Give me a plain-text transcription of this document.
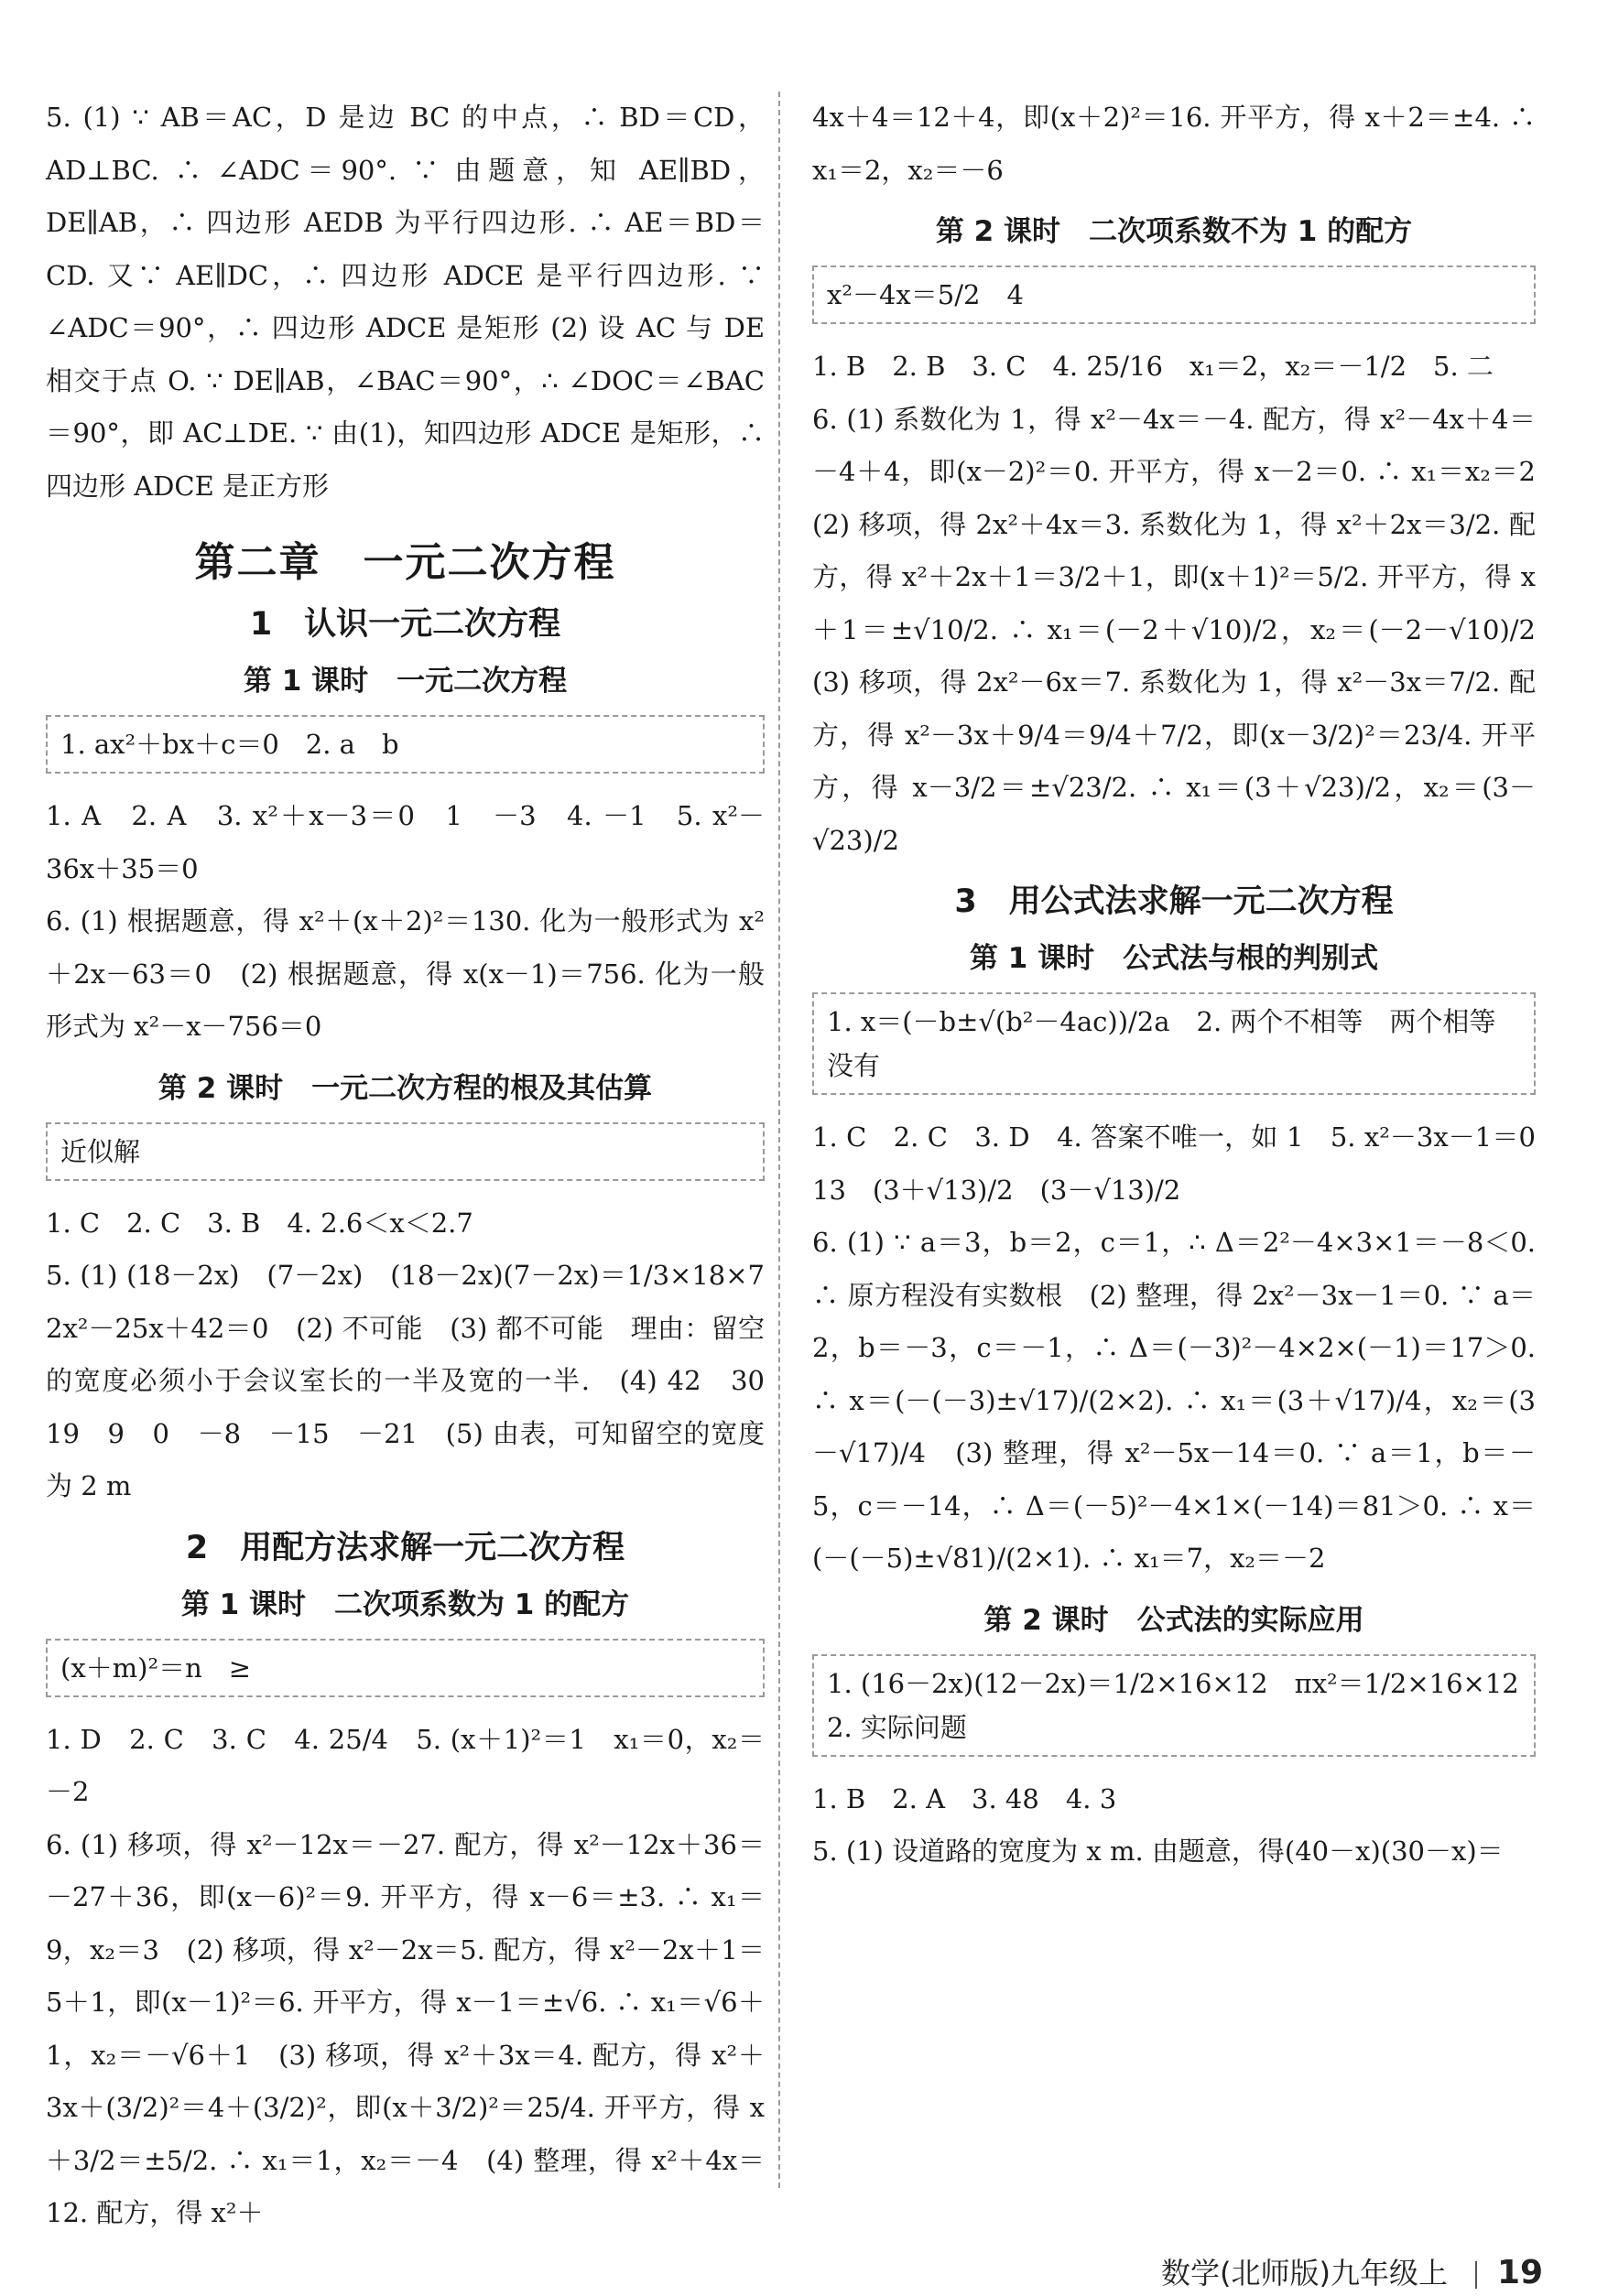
5. (1) ∵ AB＝AC，D 是边 BC 的中点，∴ BD＝CD，AD⊥BC. ∴ ∠ADC＝90°. ∵ 由题意，知 AE∥BD，DE∥AB，∴ 四边形 AEDB 为平行四边形. ∴ AE＝BD＝CD. 又∵ AE∥DC，∴ 四边形 ADCE 是平行四边形. ∵ ∠ADC＝90°，∴ 四边形 ADCE 是矩形 (2) 设 AC 与 DE 相交于点 O. ∵ DE∥AB，∠BAC＝90°，∴ ∠DOC＝∠BAC＝90°，即 AC⊥DE. ∵ 由(1)，知四边形 ADCE 是矩形，∴ 四边形 ADCE 是正方形

第二章　一元二次方程
1　认识一元二次方程
第 1 课时　一元二次方程
1. ax²＋bx＋c＝0　2. a　b

1. A　2. A　3. x²＋x－3＝0　1　－3　4. －1　5. x²－36x＋35＝0

6. (1) 根据题意，得 x²＋(x＋2)²＝130. 化为一般形式为 x²＋2x－63＝0　(2) 根据题意，得 x(x－1)＝756. 化为一般形式为 x²－x－756＝0

第 2 课时　一元二次方程的根及其估算
近似解

1. C　2. C　3. B　4. 2.6＜x＜2.7

5. (1) (18－2x)　(7－2x)　(18－2x)(7－2x)＝1/3×18×7　2x²－25x＋42＝0　(2) 不可能　(3) 都不可能　理由：留空的宽度必须小于会议室长的一半及宽的一半.　(4) 42　30　19　9　0　－8　－15　－21　(5) 由表，可知留空的宽度为 2 m

2　用配方法求解一元二次方程
第 1 课时　二次项系数为 1 的配方
(x＋m)²＝n　≥

1. D　2. C　3. C　4. 25/4　5. (x＋1)²＝1　x₁＝0，x₂＝－2

6. (1) 移项，得 x²－12x＝－27. 配方，得 x²－12x＋36＝－27＋36，即(x－6)²＝9. 开平方，得 x－6＝±3. ∴ x₁＝9，x₂＝3　(2) 移项，得 x²－2x＝5. 配方，得 x²－2x＋1＝5＋1，即(x－1)²＝6. 开平方，得 x－1＝±√6. ∴ x₁＝√6＋1，x₂＝－√6＋1　(3) 移项，得 x²＋3x＝4. 配方，得 x²＋3x＋(3/2)²＝4＋(3/2)²，即(x＋3/2)²＝25/4. 开平方，得 x＋3/2＝±5/2. ∴ x₁＝1，x₂＝－4　(4) 整理，得 x²＋4x＝12. 配方，得 x²＋

4x＋4＝12＋4，即(x＋2)²＝16. 开平方，得 x＋2＝±4. ∴ x₁＝2，x₂＝－6

第 2 课时　二次项系数不为 1 的配方
x²－4x＝5/2　4

1. B　2. B　3. C　4. 25/16　x₁＝2，x₂＝－1/2　5. 二

6. (1) 系数化为 1，得 x²－4x＝－4. 配方，得 x²－4x＋4＝－4＋4，即(x－2)²＝0. 开平方，得 x－2＝0. ∴ x₁＝x₂＝2　(2) 移项，得 2x²＋4x＝3. 系数化为 1，得 x²＋2x＝3/2. 配方，得 x²＋2x＋1＝3/2＋1，即(x＋1)²＝5/2. 开平方，得 x＋1＝±√10/2. ∴ x₁＝(－2＋√10)/2，x₂＝(－2－√10)/2　(3) 移项，得 2x²－6x＝7. 系数化为 1，得 x²－3x＝7/2. 配方，得 x²－3x＋9/4＝9/4＋7/2，即(x－3/2)²＝23/4. 开平方，得 x－3/2＝±√23/2. ∴ x₁＝(3＋√23)/2，x₂＝(3－√23)/2

3　用公式法求解一元二次方程
第 1 课时　公式法与根的判别式
1. x＝(－b±√(b²－4ac))/2a　2. 两个不相等　两个相等　没有

1. C　2. C　3. D　4. 答案不唯一，如 1　5. x²－3x－1＝0　13　(3＋√13)/2　(3－√13)/2

6. (1) ∵ a＝3，b＝2，c＝1，∴ Δ＝2²－4×3×1＝－8＜0. ∴ 原方程没有实数根　(2) 整理，得 2x²－3x－1＝0. ∵ a＝2，b＝－3，c＝－1，∴ Δ＝(－3)²－4×2×(－1)＝17＞0. ∴ x＝(－(－3)±√17)/(2×2). ∴ x₁＝(3＋√17)/4，x₂＝(3－√17)/4　(3) 整理，得 x²－5x－14＝0. ∵ a＝1，b＝－5，c＝－14，∴ Δ＝(－5)²－4×1×(－14)＝81＞0. ∴ x＝(－(－5)±√81)/(2×1). ∴ x₁＝7，x₂＝－2

第 2 课时　公式法的实际应用
1. (16－2x)(12－2x)＝1/2×16×12　πx²＝1/2×16×12
2. 实际问题

1. B　2. A　3. 48　4. 3

5. (1) 设道路的宽度为 x m. 由题意，得(40－x)(30－x)＝

数学(北师版)九年级上 19
